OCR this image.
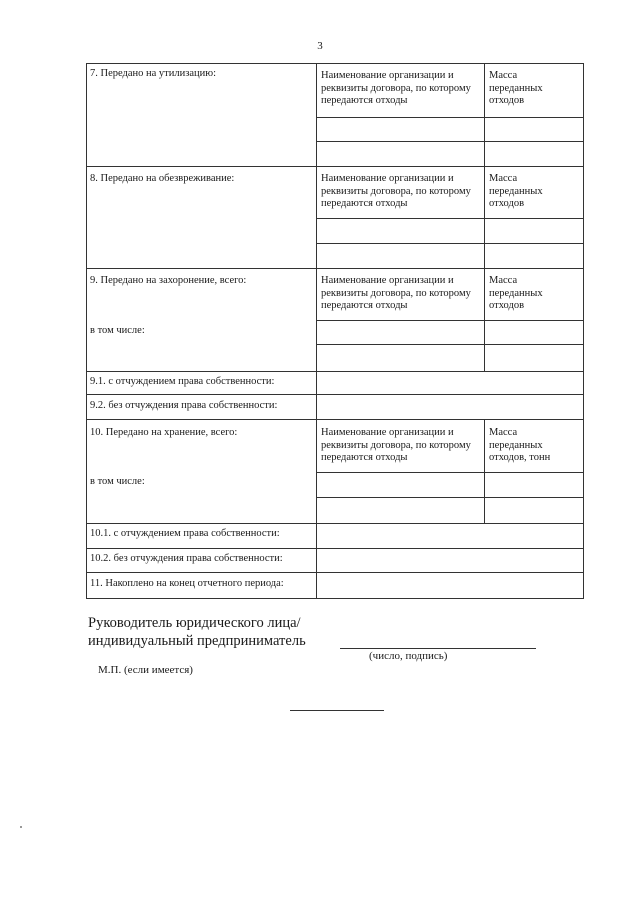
3
7. Передано на утилизацию:	Наименование организации и реквизиты договора, по которому передаются отходы
Масса переданных отходов
8. Передано на обезвреживание:	Наименование организации и реквизиты договора, по которому передаются отходы
Масса переданных отходов
9. Передано на захоронение, всего:
в том числе:
Наименование организации и реквизиты договора, по которому передаются отходы
Масса переданных отходов
9.1. с отчуждением права собственности:
9.2. без отчуждения права собственности:
10. Передано на хранение, всего:
в том числе:
Наименование организации и реквизиты договора, по которому передаются отходы
Масса переданных отходов, тонн
10.1. с отчуждением права собственности:
10.2. без отчуждения права собственности:
11. Накоплено на конец отчетного периода:
Руководитель юридического лица/
индивидуальный предприниматель
(число, подпись)
М.П. (если имеется)
